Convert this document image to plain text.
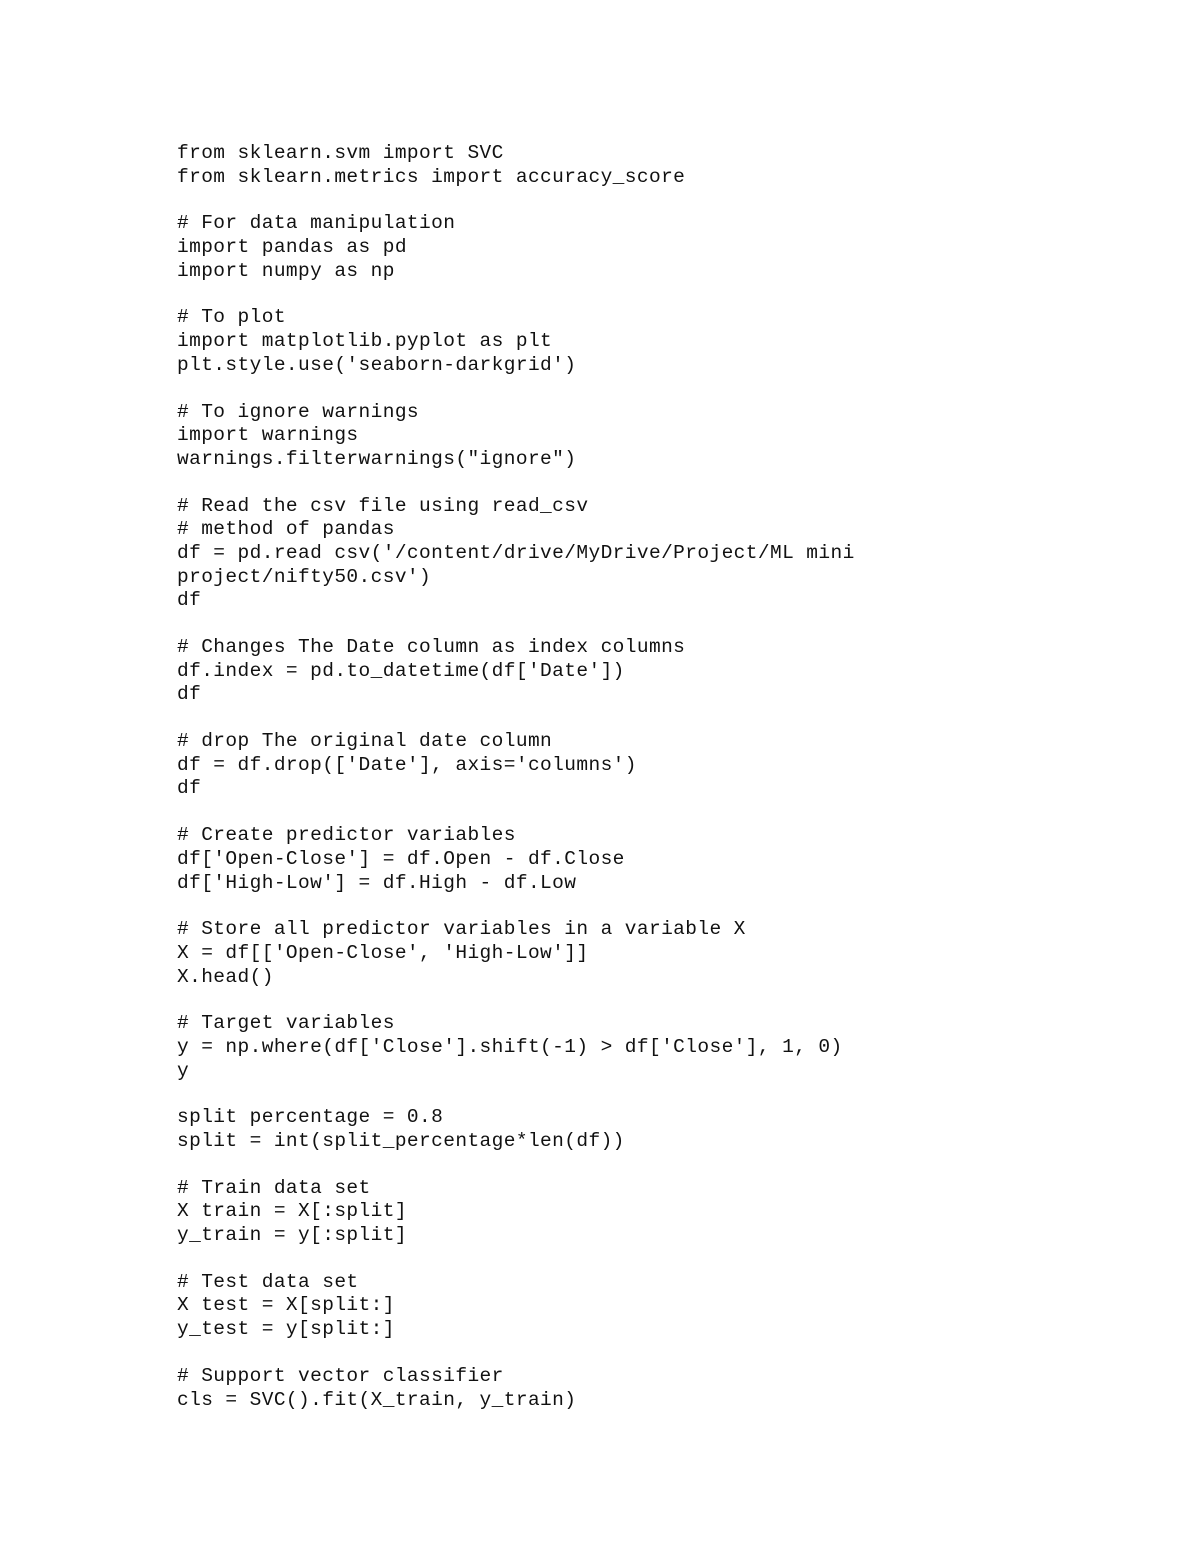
from sklearn.svm import SVC
from sklearn.metrics import accuracy_score
# For data manipulation
import pandas as pd
import numpy as np
# To plot
import matplotlib.pyplot as plt
plt.style.use('seaborn-darkgrid')
# To ignore warnings
import warnings
warnings.filterwarnings("ignore")
# Read the csv file using read_csv
# method of pandas
df = pd.read csv('/content/drive/MyDrive/Project/ML mini
project/nifty50.csv')
df
# Changes The Date column as index columns
df.index = pd.to_datetime(df['Date'])
df
# drop The original date column
df = df.drop(['Date'], axis='columns')
df
# Create predictor variables
df['Open-Close'] = df.Open - df.Close
df['High-Low'] = df.High - df.Low
# Store all predictor variables in a variable X
X = df[['Open-Close', 'High-Low']]
X.head()
# Target variables
y = np.where(df['Close'].shift(-1) > df['Close'], 1, 0)
y
split percentage = 0.8
split = int(split_percentage*len(df))
# Train data set
X train = X[:split]
y_train = y[:split]
# Test data set
X test = X[split:]
y_test = y[split:]
# Support vector classifier
cls = SVC().fit(X_train, y_train)
